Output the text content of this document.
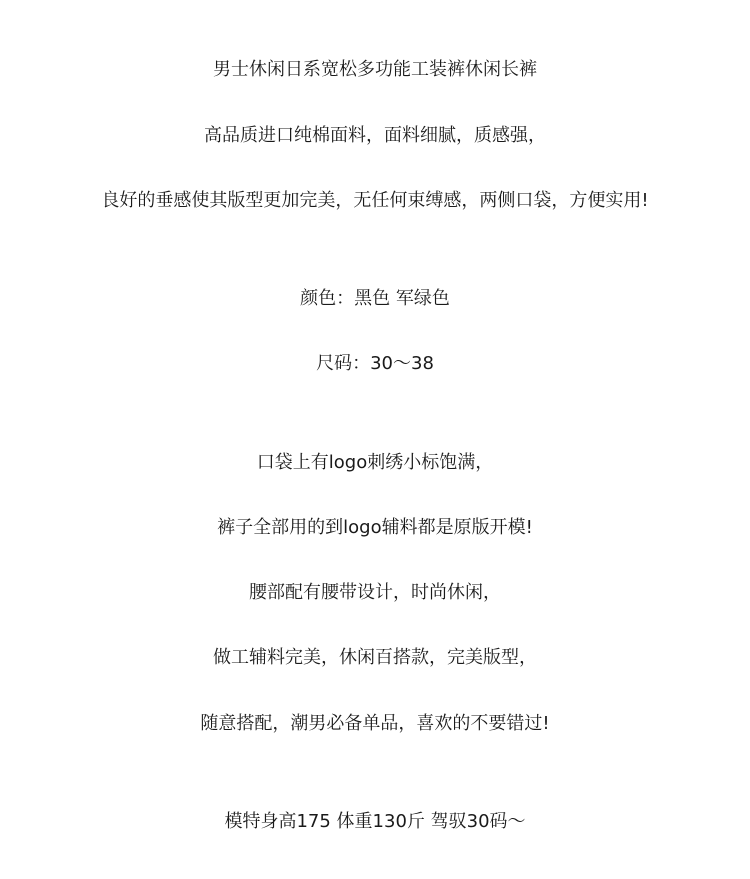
男士休闲日系宽松多功能工装裤休闲长裤
高品质进口纯棉面料，面料细腻，质感强，
良好的垂感使其版型更加完美，无任何束缚感，两侧口袋，方便实用!
颜色：黑色 军绿色
尺码：30～38
口袋上有logo刺绣小标饱满，
裤子全部用的到logo辅料都是原版开模!
腰部配有腰带设计，时尚休闲，
做工辅料完美，休闲百搭款，完美版型，
随意搭配，潮男必备单品，喜欢的不要错过!
模特身高175 体重130斤 驾驭30码～
